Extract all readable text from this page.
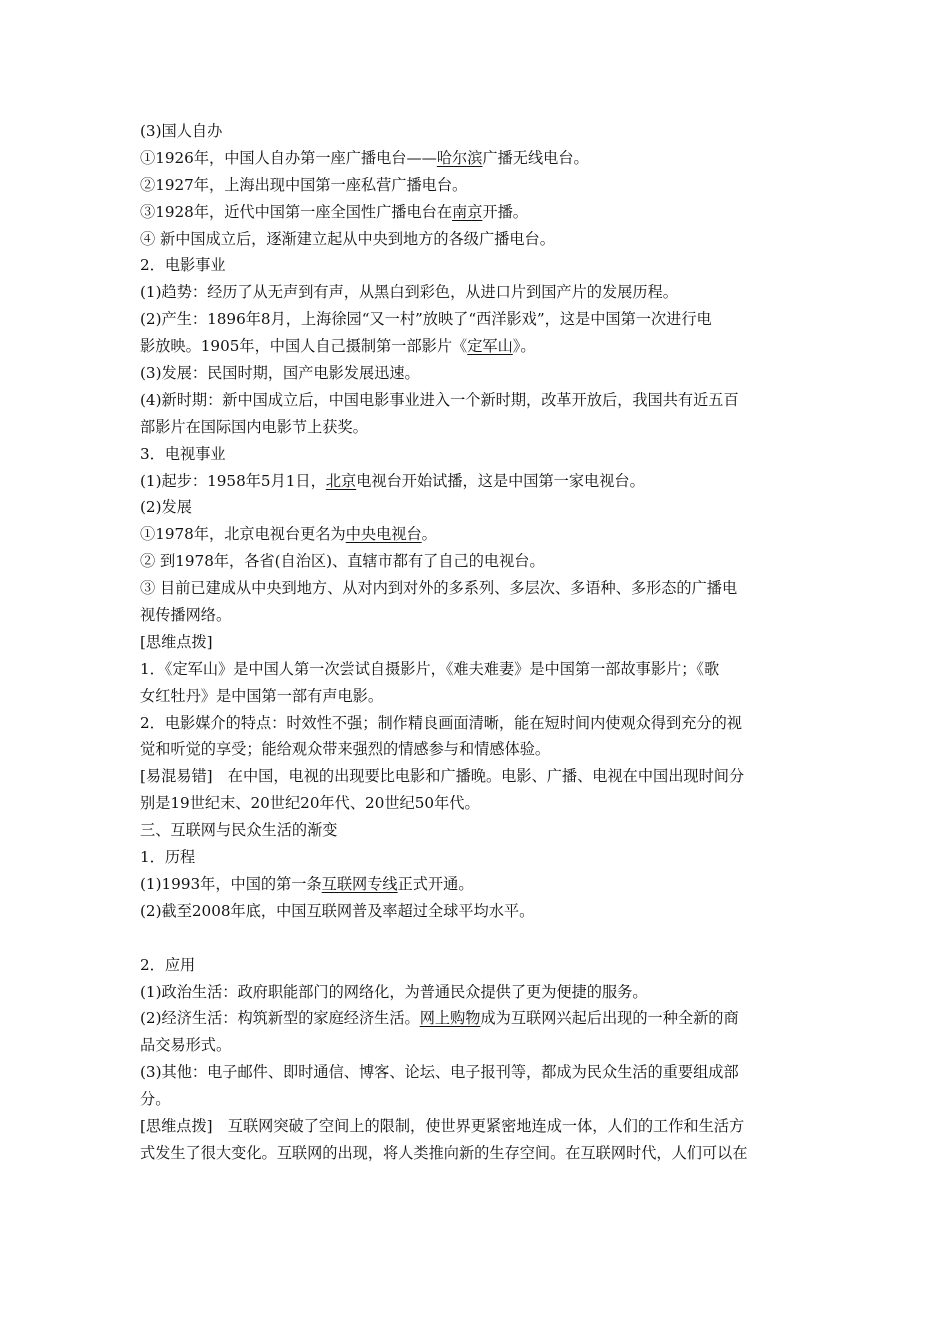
(3)国人自办
①1926年，中国人自办第一座广播电台——哈尔滨广播无线电台。
②1927年，上海出现中国第一座私营广播电台。
③1928年，近代中国第一座全国性广播电台在南京开播。
④ 新中国成立后，逐渐建立起从中央到地方的各级广播电台。
2．电影事业
(1)趋势：经历了从无声到有声，从黑白到彩色，从进口片到国产片的发展历程。
(2)产生：1896年8月，上海徐园“又一村”放映了“西洋影戏”，这是中国第一次进行电
影放映。1905年，中国人自己摄制第一部影片《定军山》。
(3)发展：民国时期，国产电影发展迅速。
(4)新时期：新中国成立后，中国电影事业进入一个新时期，改革开放后，我国共有近五百
部影片在国际国内电影节上获奖。
3．电视事业
(1)起步：1958年5月1日，北京电视台开始试播，这是中国第一家电视台。
(2)发展
①1978年，北京电视台更名为中央电视台。
② 到1978年，各省(自治区)、直辖市都有了自己的电视台。
③ 目前已建成从中央到地方、从对内到对外的多系列、多层次、多语种、多形态的广播电
视传播网络。
[思维点拨]
1．《定军山》是中国人第一次尝试自摄影片，《难夫难妻》是中国第一部故事影片；《歌
女红牡丹》是中国第一部有声电影。
2．电影媒介的特点：时效性不强；制作精良画面清晰，能在短时间内使观众得到充分的视
觉和听觉的享受；能给观众带来强烈的情感参与和情感体验。
[易混易错]　在中国，电视的出现要比电影和广播晚。电影、广播、电视在中国出现时间分
别是19世纪末、20世纪20年代、20世纪50年代。
三、互联网与民众生活的渐变
1．历程
(1)1993年，中国的第一条互联网专线正式开通。
(2)截至2008年底，中国互联网普及率超过全球平均水平。
2．应用
(1)政治生活：政府职能部门的网络化，为普通民众提供了更为便捷的服务。
(2)经济生活：构筑新型的家庭经济生活。网上购物成为互联网兴起后出现的一种全新的商
品交易形式。
(3)其他：电子邮件、即时通信、博客、论坛、电子报刊等，都成为民众生活的重要组成部
分。
[思维点拨]　互联网突破了空间上的限制，使世界更紧密地连成一体，人们的工作和生活方
式发生了很大变化。互联网的出现，将人类推向新的生存空间。在互联网时代，人们可以在
